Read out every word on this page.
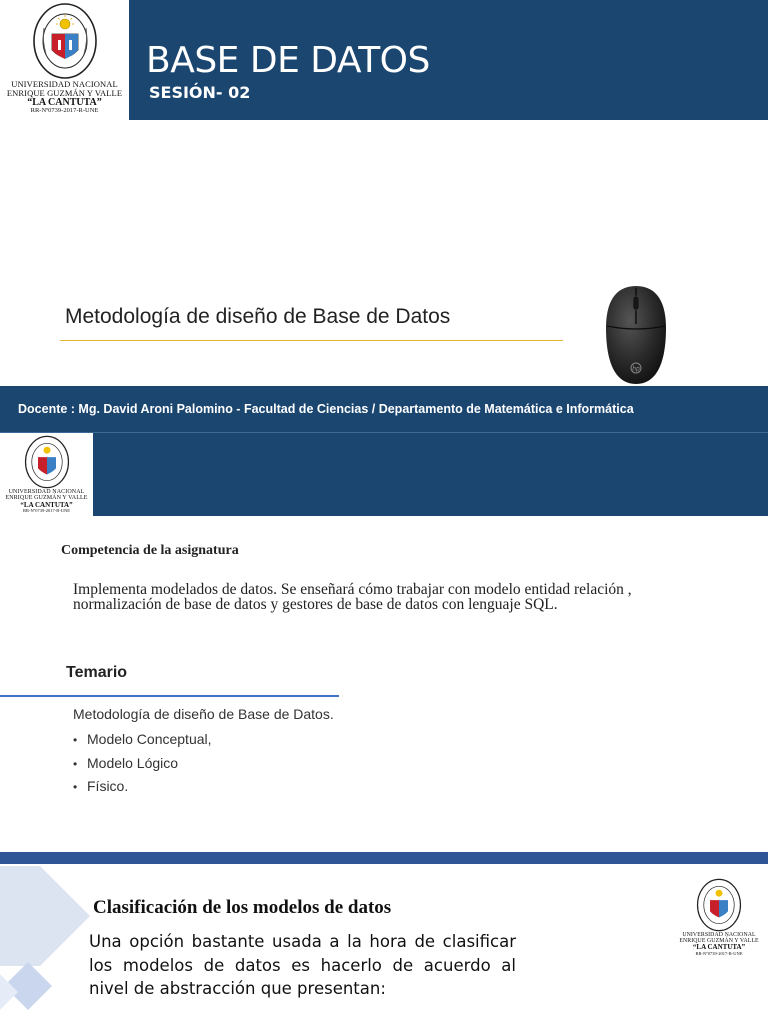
UNIVERSIDAD NACIONAL
ENRIQUE GUZMÁN Y VALLE
“LA CANTUTA”
RR-Nº0739-2017-R-UNE
BASE DE DATOS
SESIÓN- 02
Metodología de diseño de Base de Datos
hp
Docente : Mg. David Aroni Palomino - Facultad de Ciencias / Departamento de Matemática e Informática
UNIVERSIDAD NACIONAL
ENRIQUE GUZMÁN Y VALLE
“LA CANTUTA”
RR-Nº0739-2017-R-UNE
Competencia de la asignatura
Implementa modelados de datos. Se enseñará cómo trabajar con modelo entidad relación , normalización de base de datos y gestores de base de datos con lenguaje SQL.
Temario
Metodología de diseño de Base de Datos.
• Modelo Conceptual,
• Modelo Lógico
• Físico.
Clasificación de los modelos de datos
Una opción bastante usada a la hora de clasificar los modelos de datos es hacerlo de acuerdo al nivel de abstracción que presentan:
UNIVERSIDAD NACIONAL
ENRIQUE GUZMÁN Y VALLE
“LA CANTUTA”
RR-Nº0739-2017-R-UNE
